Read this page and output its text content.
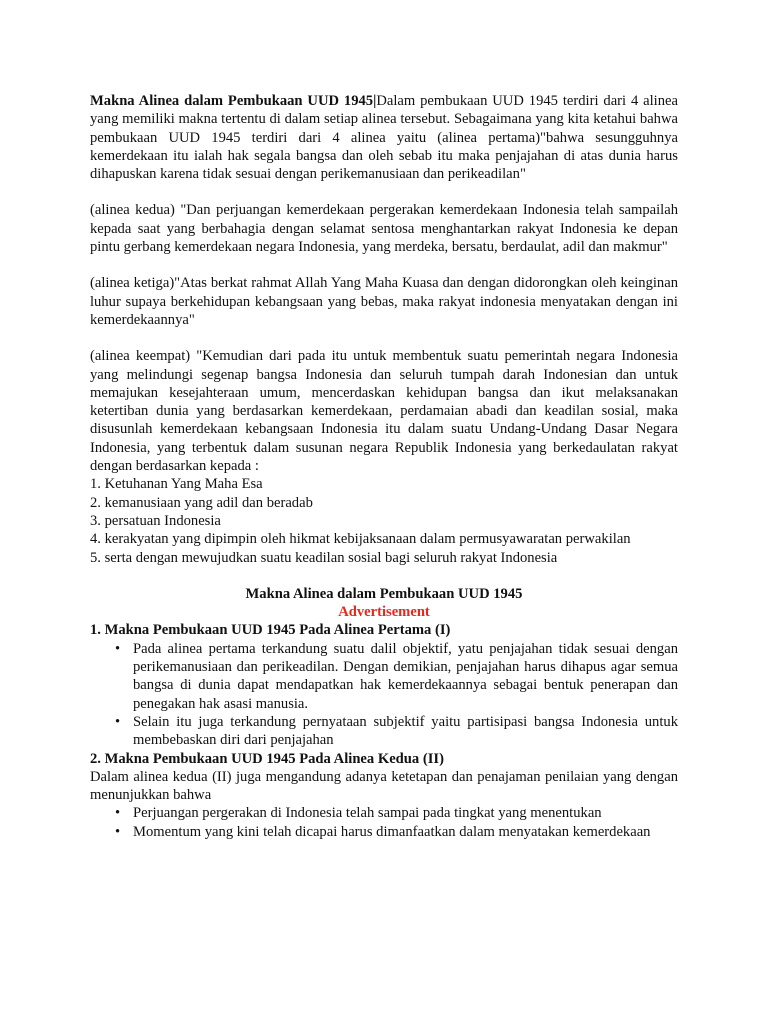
Makna Alinea dalam Pembukaan UUD 1945|Dalam pembukaan UUD 1945 terdiri dari 4 alinea yang memiliki makna tertentu di dalam setiap alinea tersebut. Sebagaimana yang kita ketahui bahwa pembukaan UUD 1945 terdiri dari 4 alinea yaitu (alinea pertama)"bahwa sesungguhnya kemerdekaan itu ialah hak segala bangsa dan oleh sebab itu maka penjajahan di atas dunia harus dihapuskan karena tidak sesuai dengan perikemanusiaan dan perikeadilan"

(alinea kedua) "Dan perjuangan kemerdekaan pergerakan kemerdekaan Indonesia telah sampailah kepada saat yang berbahagia dengan selamat sentosa menghantarkan rakyat Indonesia ke depan pintu gerbang kemerdekaan negara Indonesia, yang merdeka, bersatu, berdaulat, adil dan makmur"

(alinea ketiga)"Atas berkat rahmat Allah Yang Maha Kuasa dan dengan didorongkan oleh keinginan luhur supaya berkehidupan kebangsaan yang bebas, maka rakyat indonesia menyatakan dengan ini kemerdekaannya"

(alinea keempat) "Kemudian dari pada itu untuk membentuk suatu pemerintah negara Indonesia yang melindungi segenap bangsa Indonesia dan seluruh tumpah darah Indonesian dan untuk memajukan kesejahteraan umum, mencerdaskan kehidupan bangsa dan ikut melaksanakan ketertiban dunia yang berdasarkan kemerdekaan, perdamaian abadi dan keadilan sosial, maka disusunlah kemerdekaan kebangsaan Indonesia itu dalam suatu Undang-Undang Dasar Negara Indonesia, yang terbentuk dalam susunan negara Republik Indonesia yang berkedaulatan rakyat dengan berdasarkan kepada :

1. Ketuhanan Yang Maha Esa
2. kemanusiaan yang adil dan beradab
3. persatuan Indonesia
4. kerakyatan yang dipimpin oleh hikmat kebijaksanaan dalam permusyawaratan perwakilan
5. serta dengan mewujudkan suatu keadilan sosial bagi seluruh rakyat Indonesia

Makna Alinea dalam Pembukaan UUD 1945

Advertisement

1. Makna Pembukaan UUD 1945 Pada Alinea Pertama (I)

• Pada alinea pertama terkandung suatu dalil objektif, yatu penjajahan tidak sesuai dengan perikemanusiaan dan perikeadilan. Dengan demikian, penjajahan harus dihapus agar semua bangsa di dunia dapat mendapatkan hak kemerdekaannya sebagai bentuk penerapan dan penegakan hak asasi manusia.
• Selain itu juga terkandung pernyataan subjektif yaitu partisipasi bangsa Indonesia untuk membebaskan diri dari penjajahan

2. Makna Pembukaan UUD 1945 Pada Alinea Kedua (II)

Dalam alinea kedua (II) juga mengandung adanya ketetapan dan penajaman penilaian yang dengan menunjukkan bahwa

• Perjuangan pergerakan di Indonesia telah sampai pada tingkat yang menentukan
• Momentum yang kini telah dicapai harus dimanfaatkan dalam menyatakan kemerdekaan
